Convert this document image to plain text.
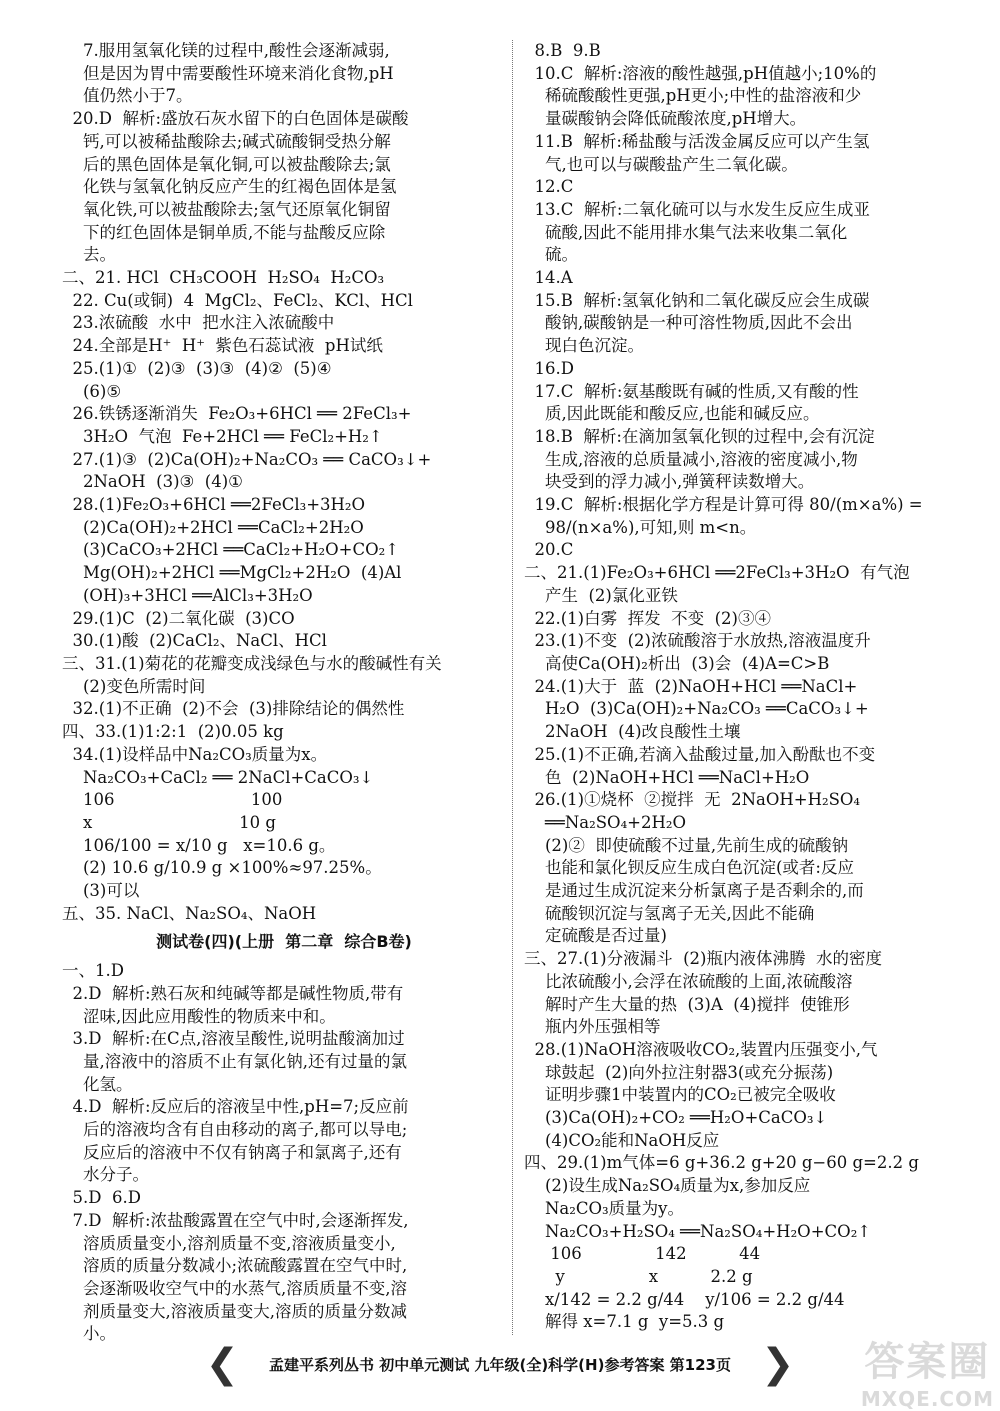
7.服用氢氧化镁的过程中,酸性会逐渐减弱,
但是因为胃中需要酸性环境来消化食物,pH
值仍然小于7。
20.D  解析:盛放石灰水留下的白色固体是碳酸
钙,可以被稀盐酸除去;碱式硫酸铜受热分解
后的黑色固体是氧化铜,可以被盐酸除去;氯
化铁与氢氧化钠反应产生的红褐色固体是氢
氧化铁,可以被盐酸除去;氢气还原氧化铜留
下的红色固体是铜单质,不能与盐酸反应除
去。
二、21. HCl  CH₃COOH  H₂SO₄  H₂CO₃
22. Cu(或铜)  4  MgCl₂、FeCl₂、KCl、HCl
23.浓硫酸  水中  把水注入浓硫酸中
24.全部是H⁺  H⁺  紫色石蕊试液  pH试纸
25.(1)①  (2)③  (3)③  (4)②  (5)④
(6)⑤
26.铁锈逐渐消失  Fe₂O₃+6HCl ══ 2FeCl₃+
3H₂O  气泡  Fe+2HCl ══ FeCl₂+H₂↑
27.(1)③  (2)Ca(OH)₂+Na₂CO₃ ══ CaCO₃↓+
2NaOH  (3)③  (4)①
28.(1)Fe₂O₃+6HCl ══2FeCl₃+3H₂O
(2)Ca(OH)₂+2HCl ══CaCl₂+2H₂O
(3)CaCO₃+2HCl ══CaCl₂+H₂O+CO₂↑
Mg(OH)₂+2HCl ══MgCl₂+2H₂O  (4)Al
(OH)₃+3HCl ══AlCl₃+3H₂O
29.(1)C  (2)二氧化碳  (3)CO
30.(1)酸  (2)CaCl₂、NaCl、HCl
三、31.(1)菊花的花瓣变成浅绿色与水的酸碱性有关
(2)变色所需时间
32.(1)不正确  (2)不会  (3)排除结论的偶然性
四、33.(1)1:2:1  (2)0.05 kg
34.(1)设样品中Na₂CO₃质量为x。
Na₂CO₃+CaCl₂ ══ 2NaCl+CaCO₃↓
106                          100
x                            10 g
106/100 = x/10 g   x=10.6 g。
(2) 10.6 g/10.9 g ×100%≈97.25%。
(3)可以
五、35. NaCl、Na₂SO₄、NaOH
测试卷(四)(上册  第二章  综合B卷)
一、1.D
2.D  解析:熟石灰和纯碱等都是碱性物质,带有
涩味,因此应用酸性的物质来中和。
3.D  解析:在C点,溶液呈酸性,说明盐酸滴加过
量,溶液中的溶质不止有氯化钠,还有过量的氯
化氢。
4.D  解析:反应后的溶液呈中性,pH=7;反应前
后的溶液均含有自由移动的离子,都可以导电;
反应后的溶液中不仅有钠离子和氯离子,还有
水分子。
5.D  6.D
7.D  解析:浓盐酸露置在空气中时,会逐渐挥发,
溶质质量变小,溶剂质量不变,溶液质量变小,
溶质的质量分数减小;浓硫酸露置在空气中时,
会逐渐吸收空气中的水蒸气,溶质质量不变,溶
剂质量变大,溶液质量变大,溶质的质量分数减
小。
8.B  9.B
10.C  解析:溶液的酸性越强,pH值越小;10%的
稀硫酸酸性更强,pH更小;中性的盐溶液和少
量碳酸钠会降低硫酸浓度,pH增大。
11.B  解析:稀盐酸与活泼金属反应可以产生氢
气,也可以与碳酸盐产生二氧化碳。
12.C
13.C  解析:二氧化硫可以与水发生反应生成亚
硫酸,因此不能用排水集气法来收集二氧化
硫。
14.A
15.B  解析:氢氧化钠和二氧化碳反应会生成碳
酸钠,碳酸钠是一种可溶性物质,因此不会出
现白色沉淀。
16.D
17.C  解析:氨基酸既有碱的性质,又有酸的性
质,因此既能和酸反应,也能和碱反应。
18.B  解析:在滴加氢氧化钡的过程中,会有沉淀
生成,溶液的总质量减小,溶液的密度减小,物
块受到的浮力减小,弹簧秤读数增大。
19.C  解析:根据化学方程是计算可得 80/(m×a%) =
98/(n×a%),可知,则 m<n。
20.C
二、21.(1)Fe₂O₃+6HCl ══2FeCl₃+3H₂O  有气泡
产生  (2)氯化亚铁
22.(1)白雾  挥发  不变  (2)③④
23.(1)不变  (2)浓硫酸溶于水放热,溶液温度升
高使Ca(OH)₂析出  (3)会  (4)A=C>B
24.(1)大于  蓝  (2)NaOH+HCl ══NaCl+
H₂O  (3)Ca(OH)₂+Na₂CO₃ ══CaCO₃↓+
2NaOH  (4)改良酸性土壤
25.(1)不正确,若滴入盐酸过量,加入酚酞也不变
色  (2)NaOH+HCl ══NaCl+H₂O
26.(1)①烧杯  ②搅拌  无  2NaOH+H₂SO₄
══Na₂SO₄+2H₂O
(2)②  即使硫酸不过量,先前生成的硫酸钠
也能和氯化钡反应生成白色沉淀(或者:反应
是通过生成沉淀来分析氯离子是否剩余的,而
硫酸钡沉淀与氢离子无关,因此不能确
定硫酸是否过量)
三、27.(1)分液漏斗  (2)瓶内液体沸腾  水的密度
比浓硫酸小,会浮在浓硫酸的上面,浓硫酸溶
解时产生大量的热  (3)A  (4)搅拌  使锥形
瓶内外压强相等
28.(1)NaOH溶液吸收CO₂,装置内压强变小,气
球鼓起  (2)向外拉注射器3(或充分振荡)
证明步骤1中装置内的CO₂已被完全吸收
(3)Ca(OH)₂+CO₂ ══H₂O+CaCO₃↓
(4)CO₂能和NaOH反应
四、29.(1)m气体=6 g+36.2 g+20 g−60 g=2.2 g
(2)设生成Na₂SO₄质量为x,参加反应
Na₂CO₃质量为y。
Na₂CO₃+H₂SO₄ ══Na₂SO₄+H₂O+CO₂↑
106              142          44
y                x          2.2 g
x/142 = 2.2 g/44    y/106 = 2.2 g/44
解得 x=7.1 g  y=5.3 g
❮ 孟建平系列丛书 初中单元测试 九年级(全)科学(H)参考答案 第123页 ❯ 答案圈
MXQE.COM
